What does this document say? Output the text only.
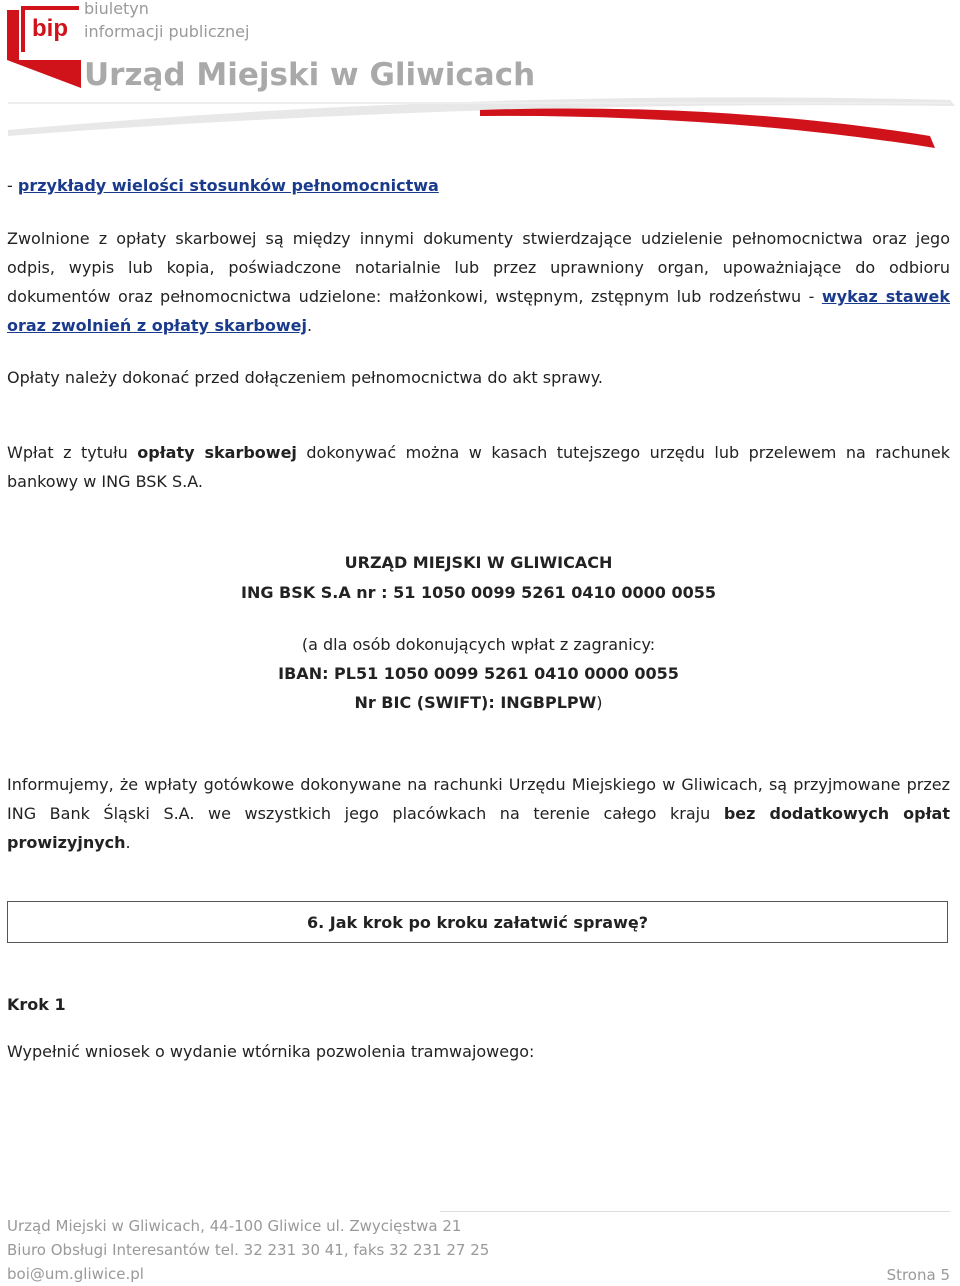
bip
biuletyn
informacji publicznej
Urząd Miejski w Gliwicach
- przykłady wielości stosunków pełnomocnictwa
Zwolnione z opłaty skarbowej są między innymi dokumenty stwierdzające udzielenie pełnomocnictwa oraz jego odpis, wypis lub kopia, poświadczone notarialnie lub przez uprawniony organ, upoważniające do odbioru dokumentów oraz pełnomocnictwa udzielone: małżonkowi, wstępnym, zstępnym lub rodzeństwu - wykaz stawek oraz zwolnień z opłaty skarbowej.
Opłaty należy dokonać przed dołączeniem pełnomocnictwa do akt sprawy.
Wpłat z tytułu opłaty skarbowej dokonywać można w kasach tutejszego urzędu lub przelewem na rachunek bankowy w ING BSK S.A.
URZĄD MIEJSKI W GLIWICACH
ING BSK S.A nr : 51 1050 0099 5261 0410 0000 0055
(a dla osób dokonujących wpłat z zagranicy:
IBAN: PL51 1050 0099 5261 0410 0000 0055
Nr BIC (SWIFT): INGBPLPW)
Informujemy, że wpłaty gotówkowe dokonywane na rachunki Urzędu Miejskiego w Gliwicach, są przyjmowane przez ING Bank Śląski S.A. we wszystkich jego placówkach na terenie całego kraju bez dodatkowych opłat prowizyjnych.
Krok 1
Wypełnić wniosek o wydanie wtórnika pozwolenia tramwajowego:
6. Jak krok po kroku załatwić sprawę?
Urząd Miejski w Gliwicach, 44-100 Gliwice ul. Zwycięstwa 21
Biuro Obsługi Interesantów tel. 32 231 30 41, faks 32 231 27 25
boi@um.gliwice.pl	Strona 5
